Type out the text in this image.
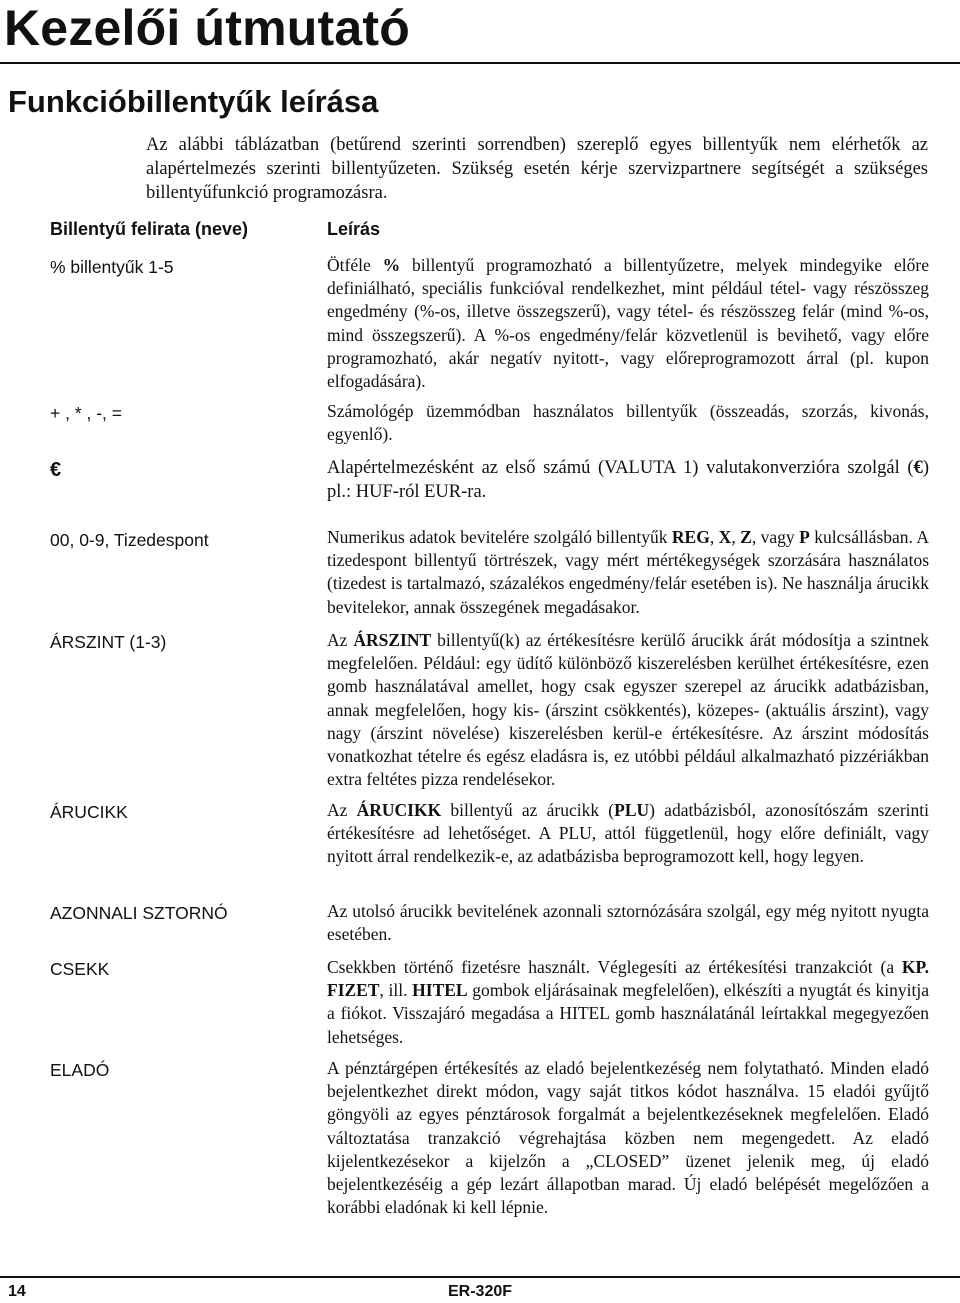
Kezelői útmutató
Funkcióbillentyűk leírása

Az alábbi táblázatban (betűrend szerinti sorrendben) szereplő egyes billentyűk nem elérhetők az alapértelmezés szerinti billentyűzeten. Szükség esetén kérje szervizpartnere segítségét a szükséges billentyűfunkció programozásra.

Billentyű felirata (neve)	Leírás
% billentyűk 1-5	Ötféle % billentyű programozható a billentyűzetre, melyek mindegyike előre definiálható, speciális funkcióval rendelkezhet, mint például tétel- vagy részösszeg engedmény (%-os, illetve összegszerű), vagy tétel- és részösszeg felár (mind %-os, mind összegszerű). A %-os engedmény/felár közvetlenül is bevihető, vagy előre programozható, akár negatív nyitott-, vagy előreprogramozott árral (pl. kupon elfogadására).

+ , * , -, =	Számológép üzemmódban használatos billentyűk (összeadás, szorzás, kivonás, egyenlő).

€	Alapértelmezésként az első számú (VALUTA 1) valutakonverzióra szolgál (€) pl.: HUF-ról EUR-ra.

00, 0-9, Tizedespont	Numerikus adatok bevitelére szolgáló billentyűk REG, X, Z, vagy P kulcsállásban. A tizedespont billentyű törtrészek, vagy mért mértékegységek szorzására használatos (tizedest is tartalmazó, százalékos engedmény/felár esetében is). Ne használja árucikk bevitelekor, annak összegének megadásakor.

ÁRSZINT (1-3)	Az ÁRSZINT billentyű(k) az értékesítésre kerülő árucikk árát módosítja a szintnek megfelelően. Például: egy üdítő különböző kiszerelésben kerülhet értékesítésre, ezen gomb használatával amellet, hogy csak egyszer szerepel az árucikk adatbázisban, annak megfelelően, hogy kis- (árszint csökkentés), közepes- (aktuális árszint), vagy nagy (árszint növelése) kiszerelésben kerül-e értékesítésre. Az árszint módosítás vonatkozhat tételre és egész eladásra is, ez utóbbi például alkalmazható pizzériákban extra feltétes pizza rendelésekor.

ÁRUCIKK	Az ÁRUCIKK billentyű az árucikk (PLU) adatbázisból, azonosítószám szerinti értékesítésre ad lehetőséget. A PLU, attól függetlenül, hogy előre definiált, vagy nyitott árral rendelkezik-e, az adatbázisba beprogramozott kell, hogy legyen.

AZONNALI SZTORNÓ	Az utolsó árucikk bevitelének azonnali sztornózására szolgál, egy még nyitott nyugta esetében.

CSEKK	Csekkben történő fizetésre használt. Véglegesíti az értékesítési tranzakciót (a KP. FIZET, ill. HITEL gombok eljárásainak megfelelően), elkészíti a nyugtát és kinyitja a fiókot. Visszajáró megadása a HITEL gomb használatánál leírtakkal megegyezően lehetséges.

ELADÓ	A pénztárgépen értékesítés az eladó bejelentkezéség nem folytatható. Minden eladó bejelentkezhet direkt módon, vagy saját titkos kódot használva. 15 eladói gyűjtő göngyöli az egyes pénztárosok forgalmát a bejelentkezéseknek megfelelően. Eladó változtatása tranzakció végrehajtása közben nem megengedett. Az eladó kijelentkezésekor a kijelzőn a „CLOSED” üzenet jelenik meg, új eladó bejelentkezéséig a gép lezárt állapotban marad. Új eladó belépését megelőzően a korábbi eladónak ki kell lépnie.

14	ER-320F
